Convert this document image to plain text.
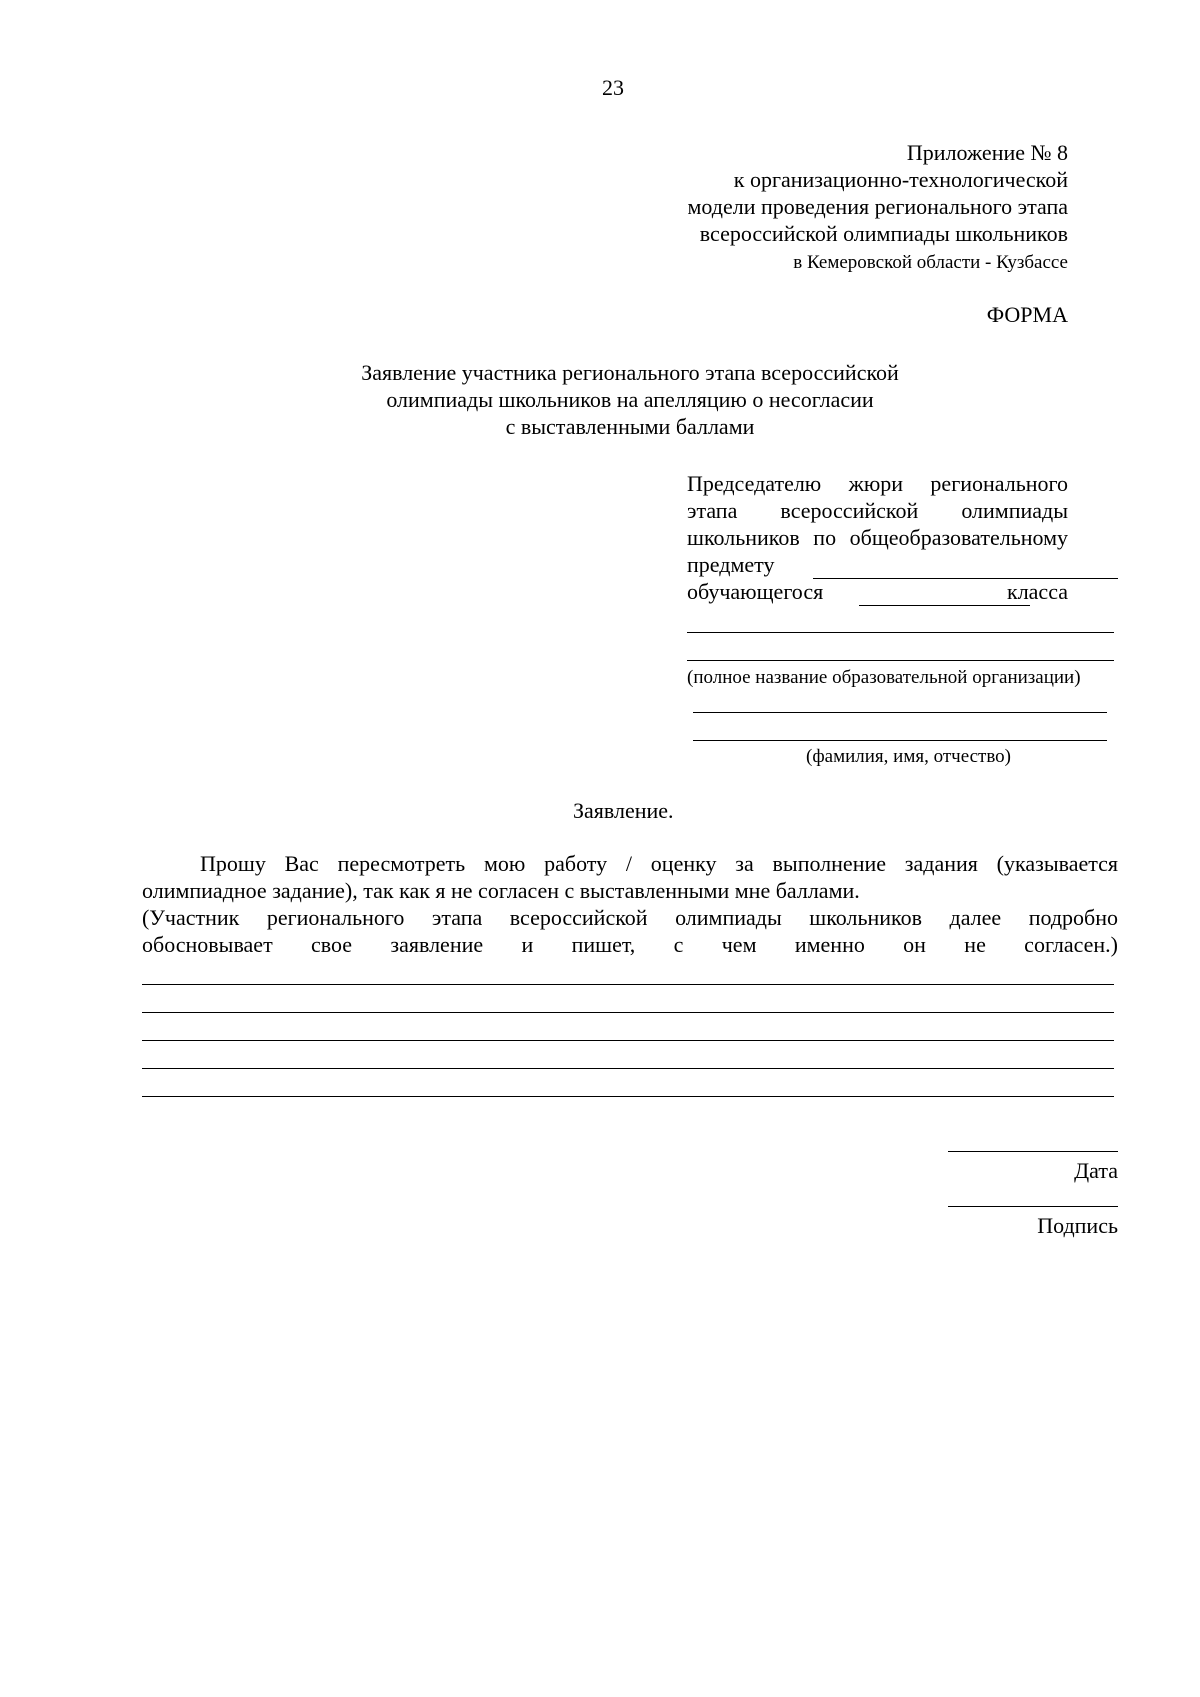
23
Приложение № 8
к организационно-технологической
модели проведения регионального этапа
всероссийской олимпиады школьников
в Кемеровской области - Кузбассе
ФОРМА
Заявление участника регионального этапа всероссийской
олимпиады школьников на апелляцию о несогласии
с выставленными баллами
Председателю жюри регионального
этапа всероссийской олимпиады
школьников по общеобразовательному
предмету
обучающегося	класса
(полное название образовательной организации)
(фамилия, имя, отчество)
Заявление.
Прошу Вас пересмотреть мою работу / оценку за выполнение задания (указывается
олимпиадное задание), так как я не согласен с выставленными мне баллами.
(Участник регионального этапа всероссийской олимпиады школьников далее подробно
обосновывает свое заявление и пишет, с чем именно он не согласен.)
Дата
Подпись
